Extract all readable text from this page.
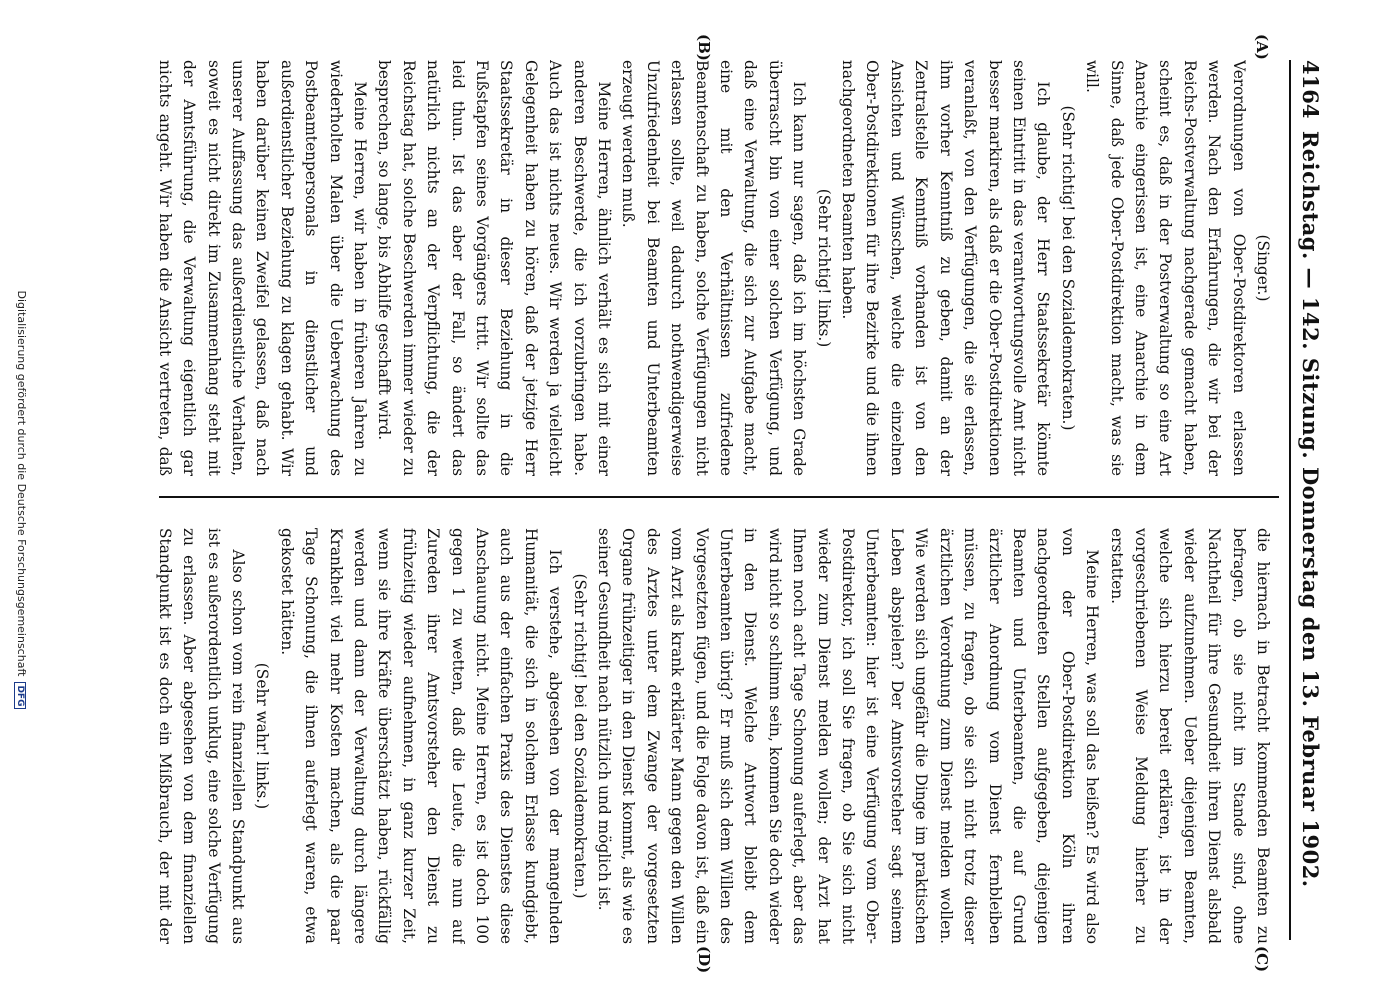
4164
Reichstag. — 142. Sitzung. Donnerstag den 13. Februar 1902.
(A)
(B)
(C)
(D)

(Singer.)

Verordnungen von Ober-Postdirektoren erlassen werden. Nach den Erfahrungen, die wir bei der Reichs-Postverwaltung nachgerade gemacht haben, scheint es, daß in der Postverwaltung so eine Art Anarchie eingerissen ist, eine Anarchie in dem Sinne, daß jede Ober-Postdirektion macht, was sie will.

(Sehr richtig! bei den Sozialdemokraten.)

Ich glaube, der Herr Staatssekretär könnte seinen Eintritt in das verantwortungsvolle Amt nicht besser markiren, als daß er die Ober-Postdirektionen veranlaßt, von den Verfügungen, die sie erlassen, ihm vorher Kenntniß zu geben, damit an der Zentralstelle Kenntniß vorhanden ist von den Ansichten und Wünschen, welche die einzelnen Ober-Postdirektionen für ihre Bezirke und die ihnen nachgeordneten Beamten haben.

(Sehr richtig! links.)

Ich kann nur sagen, daß ich im höchsten Grade überrascht bin von einer solchen Verfügung, und daß eine Verwaltung, die sich zur Aufgabe macht, eine mit den Verhältnissen zufriedene Beamtenschaft zu haben, solche Verfügungen nicht erlassen sollte, weil dadurch nothwendigerweise Unzufriedenheit bei Beamten und Unterbeamten erzeugt werden muß.

Meine Herren, ähnlich verhält es sich mit einer anderen Beschwerde, die ich vorzubringen habe. Auch das ist nichts neues. Wir werden ja vielleicht Gelegenheit haben zu hören, daß der jetzige Herr Staatssekretär in dieser Beziehung in die Fußstapfen seines Vorgängers tritt. Wir sollte das leid thun. Ist das aber der Fall, so ändert das natürlich nichts an der Verpflichtung, die der Reichstag hat, solche Beschwerden immer wieder zu besprechen, so lange, bis Abhilfe geschafft wird.

Meine Herren, wir haben in früheren Jahren zu wiederholten Malen über die Ueberwachung des Postbeamtenpersonals in dienstlicher und außerdienstlicher Beziehung zu klagen gehabt. Wir haben darüber keinen Zweifel gelassen, daß nach unserer Auffassung das außerdienstliche Verhalten, soweit es nicht direkt im Zusammenhang steht mit der Amtsführung, die Verwaltung eigentlich gar nichts angeht. Wir haben die Ansicht vertreten, daß

die hiernach in Betracht kommenden Beamten zu befragen, ob sie nicht im Stande sind, ohne Nachtheil für ihre Gesundheit ihren Dienst alsbald wieder aufzunehmen. Ueber diejenigen Beamten, welche sich hierzu bereit erklären, ist in der vorgeschriebenen Weise Meldung hierher zu erstatten.

Meine Herren, was soll das heißen? Es wird also von der Ober-Postdirektion Köln ihren nachgeordneten Stellen aufgegeben, diejenigen Beamten und Unterbeamten, die auf Grund ärztlicher Anordnung vom Dienst fernbleiben müssen, zu fragen, ob sie sich nicht trotz dieser ärztlichen Verordnung zum Dienst melden wollen. Wie werden sich ungefähr die Dinge im praktischen Leben abspielen? Der Amtsvorsteher sagt seinem Unterbeamten: hier ist eine Verfügung vom Ober-Postdirektor, ich soll Sie fragen, ob Sie sich nicht wieder zum Dienst melden wollen; der Arzt hat Ihnen noch acht Tage Schonung auferlegt, aber das wird nicht so schlimm sein, kommen Sie doch wieder in den Dienst. Welche Antwort bleibt dem Unterbeamten übrig? Er muß sich dem Willen des Vorgesetzten fügen, und die Folge davon ist, daß ein vom Arzt als krank erklärter Mann gegen den Willen des Arztes unter dem Zwange der vorgesetzten Organe frühzeitiger in den Dienst kommt, als wie es seiner Gesundheit nach nützlich und möglich ist.

(Sehr richtig! bei den Sozialdemokraten.)

Ich verstehe, abgesehen von der mangelnden Humanität, die sich in solchem Erlasse kundgiebt, auch aus der einfachen Praxis des Dienstes diese Anschauung nicht. Meine Herren, es ist doch 100 gegen 1 zu wetten, daß die Leute, die nun auf Zureden ihrer Amtsvorsteher den Dienst zu frühzeitig wieder aufnehmen, in ganz kurzer Zeit, wenn sie ihre Kräfte überschätzt haben, rückfällig werden und dann der Verwaltung durch längere Krankheit viel mehr Kosten machen, als die paar Tage Schonung, die ihnen auferlegt waren, etwa gekostet hätten.

(Sehr wahr! links.)

Also schon vom rein finanziellen Standpunkt aus ist es außerordentlich unklug, eine solche Verfügung zu erlassen. Aber abgesehen von dem finanziellen Standpunkt ist es doch ein Mißbrauch, der mit der

Digitalisierung gefördert durch die Deutsche ForschungsgemeinschaftDFG
